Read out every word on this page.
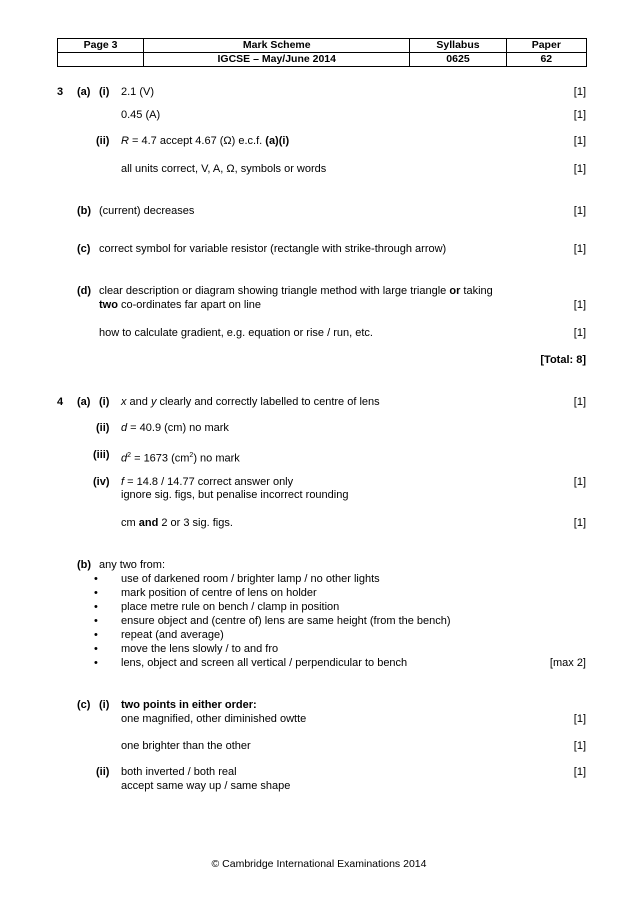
Page 3	Mark Scheme	Syllabus	Paper
	IGCSE – May/June 2014	0625	62
3 (a) (i) 2.1 (V)	[1]
0.45 (A)	[1]
(ii) R = 4.7 accept 4.67 (Ω) e.c.f. (a)(i)	[1]
all units correct, V, A, Ω, symbols or words	[1]
(b) (current) decreases	[1]
(c) correct symbol for variable resistor (rectangle with strike-through arrow)	[1]
(d) clear description or diagram showing triangle method with large triangle or taking
two co-ordinates far apart on line	[1]
how to calculate gradient, e.g. equation or rise / run, etc.	[1]
[Total: 8]
4 (a) (i) x and y clearly and correctly labelled to centre of lens	[1]
(ii) d = 40.9 (cm) no mark
(iii) $d^2 = 1673$ $(cm^2)$ no mark
(iv) f = 14.8 / 14.77 correct answer only	[1]
ignore sig. figs, but penalise incorrect rounding
cm and 2 or 3 sig. figs.	[1]
(b) any two from:
• use of darkened room / brighter lamp / no other lights
• mark position of centre of lens on holder
• place metre rule on bench / clamp in position
• ensure object and (centre of) lens are same height (from the bench)
• repeat (and average)
• move the lens slowly / to and fro
• lens, object and screen all vertical / perpendicular to bench	[max 2]
(c) (i) two points in either order:
one magnified, other diminished owtte	[1]
one brighter than the other	[1]
(ii) both inverted / both real	[1]
accept same way up / same shape
© Cambridge International Examinations 2014
